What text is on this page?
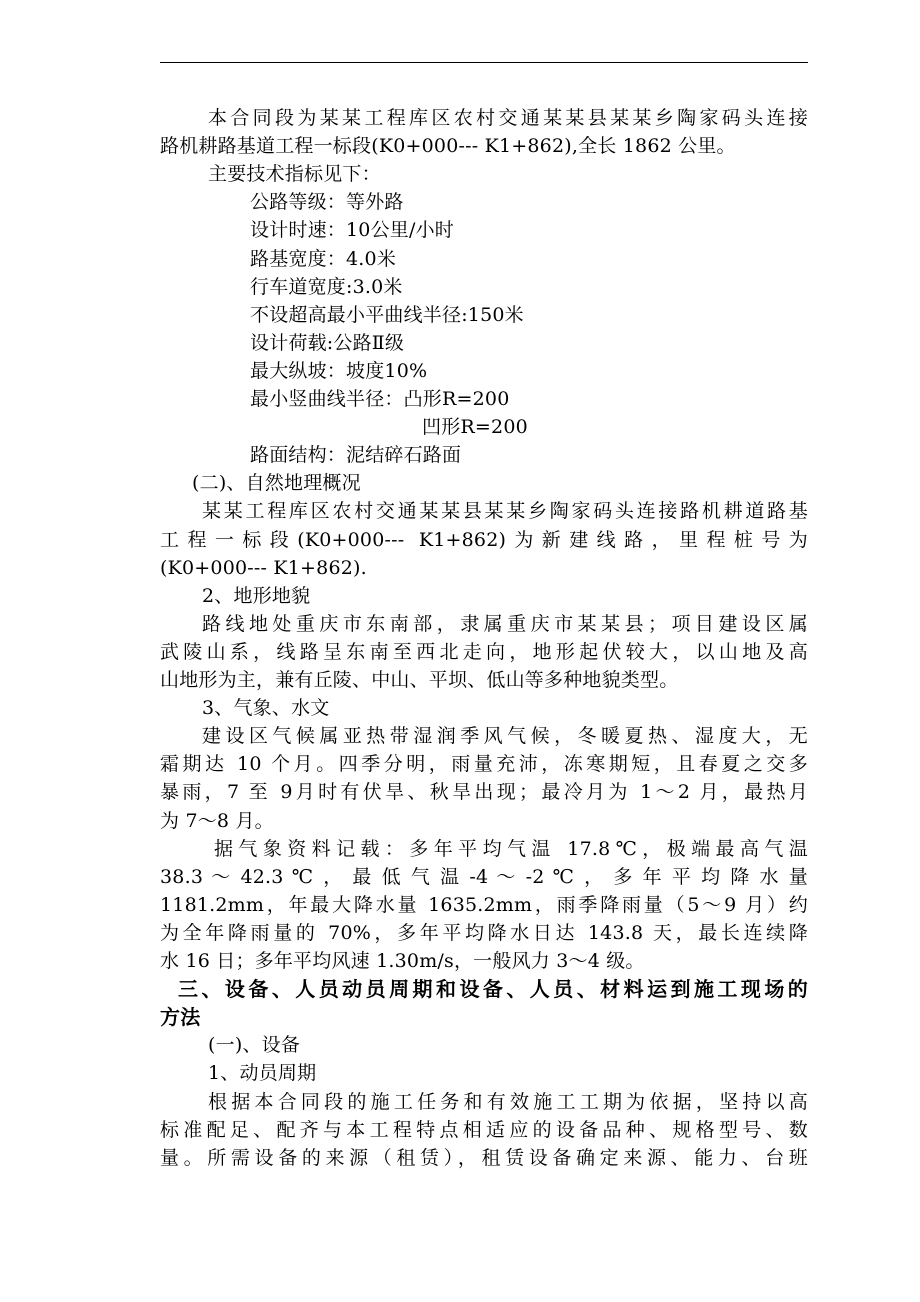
本合同段为某某工程库区农村交通某某县某某乡陶家码头连接
路机耕路基道工程一标段(K0+000--- K1+862),全长 1862 公里。
主要技术指标见下：
公路等级：等外路
设计时速：10公里/小时
路基宽度：4.0米
行车道宽度:3.0米
不设超高最小平曲线半径:150米
设计荷载:公路Ⅱ级
最大纵坡：坡度10%
最小竖曲线半径：凸形R=200
凹形R=200
路面结构：泥结碎石路面
(二)、自然地理概况
某某工程库区农村交通某某县某某乡陶家码头连接路机耕道路基
工程一标段(K0+000--- K1+862)为新建线路，里程桩号为
(K0+000--- K1+862).
2、地形地貌
路线地处重庆市东南部，隶属重庆市某某县；项目建设区属
武陵山系，线路呈东南至西北走向，地形起伏较大，以山地及高
山地形为主，兼有丘陵、中山、平坝、低山等多种地貌类型。
3、气象、水文
建设区气候属亚热带湿润季风气候，冬暖夏热、湿度大，无
霜期达 10 个月。四季分明，雨量充沛，冻寒期短，且春夏之交多
暴雨，7 至 9月时有伏旱、秋旱出现；最冷月为 1～2 月，最热月
为 7～8 月。
据气象资料记载：多年平均气温 17.8℃，极端最高气温
38.3 ～ 42.3 ℃ ， 最 低 气 温 -4 ～ -2 ℃ ， 多 年 平 均 降 水 量
1181.2mm，年最大降水量 1635.2mm，雨季降雨量（5～9 月）约
为全年降雨量的 70%，多年平均降水日达 143.8 天，最长连续降
水 16 日；多年平均风速 1.30m/s，一般风力 3～4 级。
三、设备、人员动员周期和设备、人员、材料运到施工现场的
方法
(一)、设备
1、动员周期
根据本合同段的施工任务和有效施工工期为依据，坚持以高
标准配足、配齐与本工程特点相适应的设备品种、规格型号、数
量。所需设备的来源（租赁），租赁设备确定来源、能力、台班
